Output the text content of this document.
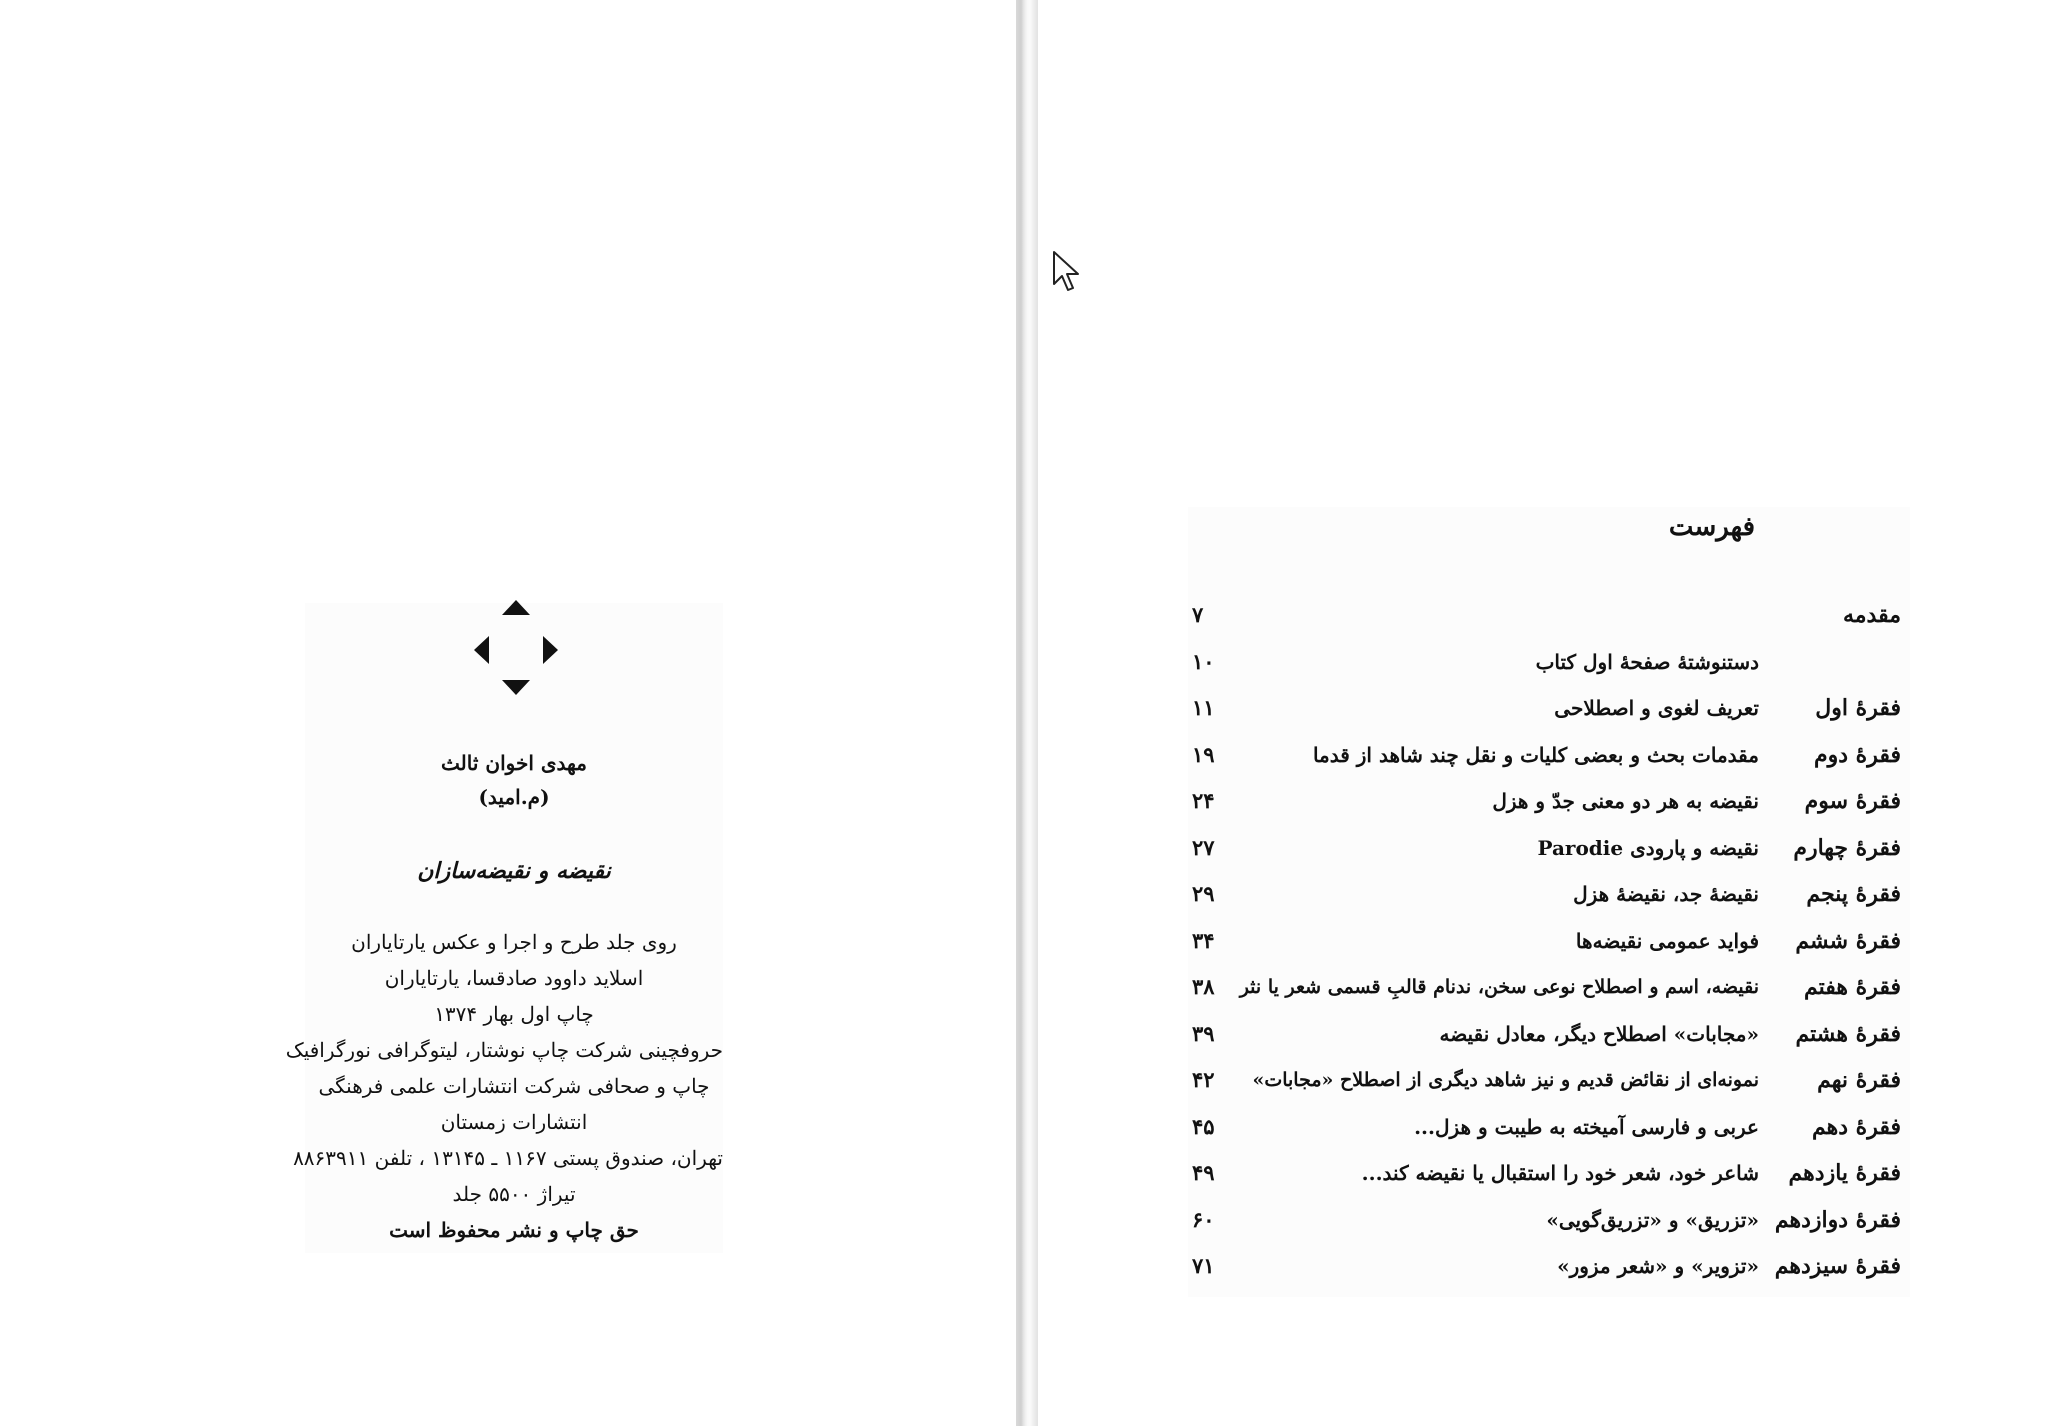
مهدی اخوان ثالث
(م.امید)
نقیضه و نقیضه‌سازان
روی جلد طرح و اجرا و عکس یارتایاران
اسلاید داوود صادقسا، یارتایاران
چاپ اول بهار ۱۳۷۴
حروفچینی شرکت چاپ نوشتار، لیتوگرافی نورگرافیک
چاپ و صحافی شرکت انتشارات علمی فرهنگی
انتشارات زمستان
تهران، صندوق پستی ۱۱۶۷ ـ ۱۳۱۴۵ ، تلفن ۸۸۶۳۹۱۱
تیراژ ۵۵۰۰ جلد
حق چاپ و نشر محفوظ است
فهرست
مقدمه
۷
دستنوشتهٔ صفحهٔ اول کتاب
۱۰
فقرهٔ اول
تعریف لغوی و اصطلاحی
۱۱
فقرهٔ دوم
مقدمات بحث و بعضی کلیات و نقل چند شاهد از قدما
۱۹
فقرهٔ سوم
نقیضه به هر دو معنی جدّ و هزل
۲۴
فقرهٔ چهارم
نقیضه و پارودی Parodie
۲۷
فقرهٔ پنجم
نقیضهٔ جد، نقیضهٔ هزل
۲۹
فقرهٔ ششم
فواید عمومی نقیضه‌ها
۳۴
فقرهٔ هفتم
نقیضه، اسم و اصطلاح نوعی سخن، ندنام قالبِ قسمی شعر یا نثر
۳۸
فقرهٔ هشتم
«مجابات» اصطلاح دیگر، معادل نقیضه
۳۹
فقرهٔ نهم
نمونه‌ای از نقائض قدیم و نیز شاهد دیگری از اصطلاح «مجابات»
۴۲
فقرهٔ دهم
عربی و فارسی آمیخته به طیبت و هزل...
۴۵
فقرهٔ یازدهم
شاعر خود، شعر خود را استقبال یا نقیضه کند...
۴۹
فقرهٔ دوازدهم
«تزریق» و «تزریق‌گویی»
۶۰
فقرهٔ سیزدهم
«تزویر» و «شعر مزور»
۷۱
